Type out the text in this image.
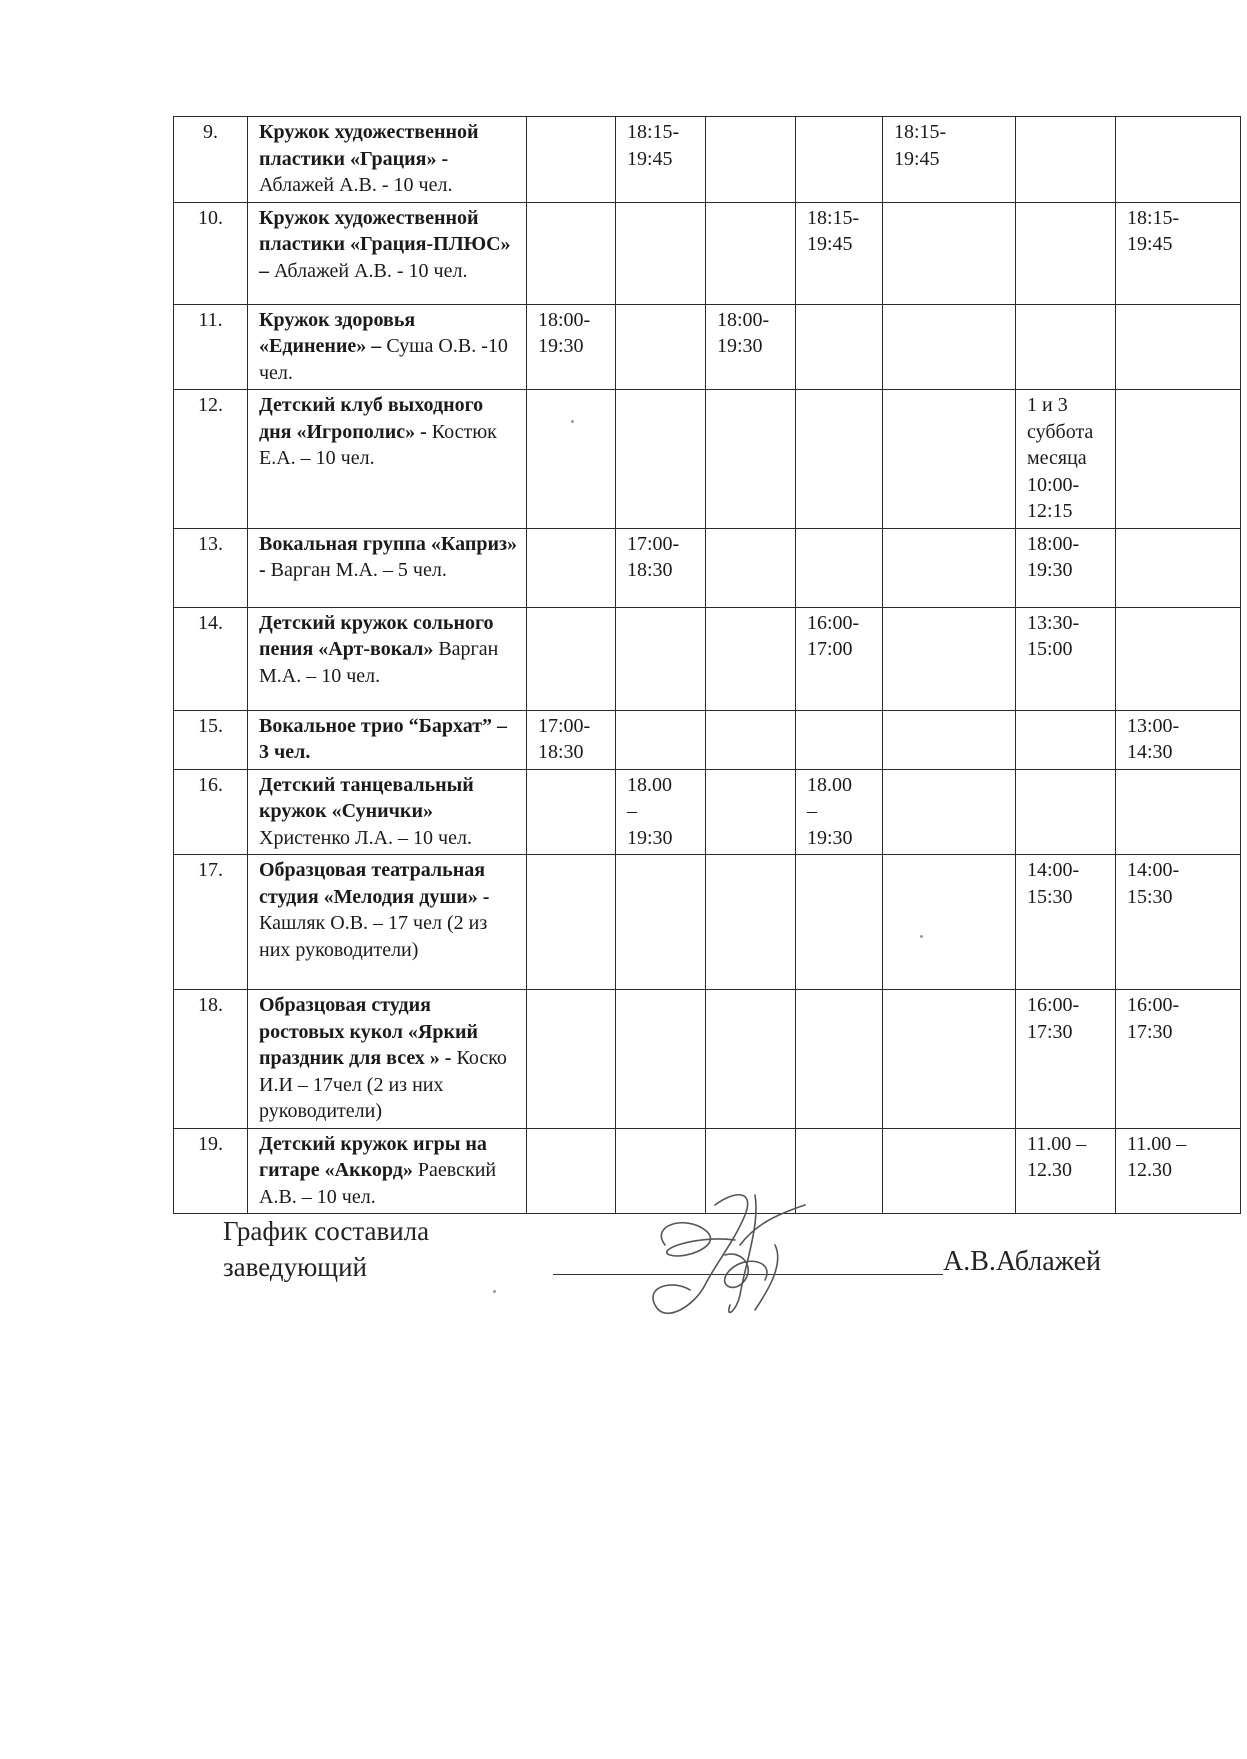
9.	Кружок художественной пластики «Грация» - Аблажей А.В. - 10 чел.		18:15-
19:45			18:15-
19:45		
10.	Кружок художественной пластики «Грация-ПЛЮС» – Аблажей А.В. - 10 чел.				18:15-
19:45			18:15-
19:45
11.	Кружок здоровья «Единение» – Суша О.В. -10 чел.	18:00-
19:30		18:00-
19:30				
12.	Детский клуб выходного дня «Игрополис» - Костюк Е.А. – 10 чел.						1 и 3
суббота
месяца
10:00-
12:15	
13.	Вокальная группа «Каприз» - Варган М.А. – 5 чел.		17:00-
18:30				18:00-
19:30	
14.	Детский кружок сольного пения «Арт-вокал» Варган М.А. – 10 чел.				16:00-
17:00		13:30-
15:00	
15.	Вокальное трио “Бархат” – 3 чел.	17:00-
18:30						13:00-
14:30
16.	Детский танцевальный кружок «Сунички» Христенко Л.А. – 10 чел.		18.00
–
19:30		18.00
–
19:30			
17.	Образцовая театральная студия «Мелодия души» - Кашляк О.В. – 17 чел (2 из них руководители)						14:00-
15:30	14:00-
15:30
18.	Образцовая студия ростовых кукол «Яркий праздник для всех » - Коско И.И – 17чел (2 из них руководители)						16:00-
17:30	16:00-
17:30
19.	Детский кружок игры на гитаре «Аккорд» Раевский А.В. – 10 чел.						11.00 –
12.30	11.00 –
12.30
График составила
заведующий	А.В.Аблажей
